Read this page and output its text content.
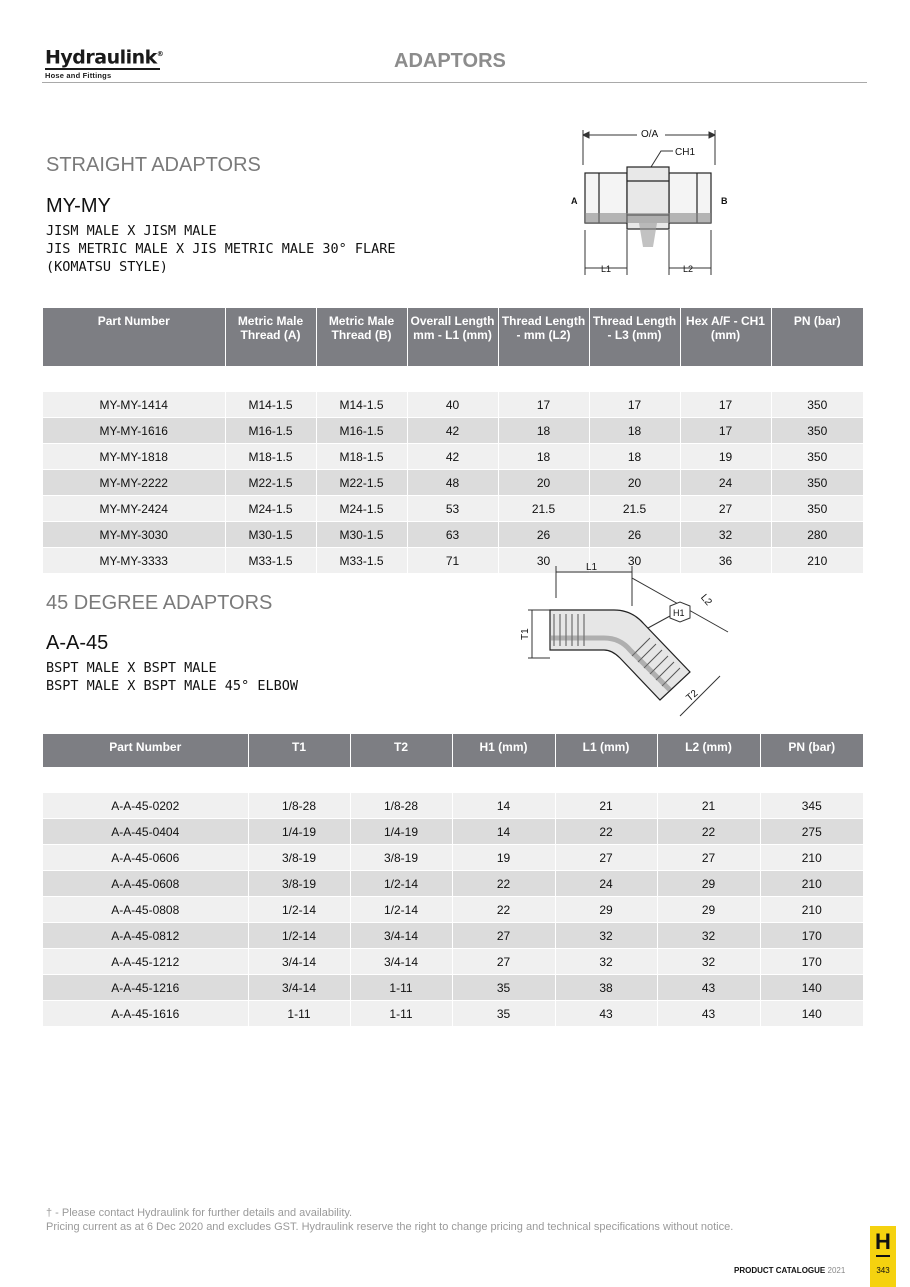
Hydraulink®
Hose and Fittings
ADAPTORS
STRAIGHT ADAPTORS
MY-MY
JISM MALE X JISM MALE
JIS METRIC MALE X JIS METRIC MALE 30° FLARE
(KOMATSU STYLE)
O/A
CH1
A	B
L1	L2
Part Number	Metric Male Thread (A)	Metric Male Thread (B)	Overall Length mm - L1 (mm)	Thread Length - mm (L2)	Thread Length - L3 (mm)	Hex A/F - CH1 (mm)	PN (bar)

MY-MY-1414	M14-1.5	M14-1.5	40	17	17	17	350
MY-MY-1616	M16-1.5	M16-1.5	42	18	18	17	350
MY-MY-1818	M18-1.5	M18-1.5	42	18	18	19	350
MY-MY-2222	M22-1.5	M22-1.5	48	20	20	24	350
MY-MY-2424	M24-1.5	M24-1.5	53	21.5	21.5	27	350
MY-MY-3030	M30-1.5	M30-1.5	63	26	26	32	280
MY-MY-3333	M33-1.5	M33-1.5	71	30	30	36	210
45 DEGREE ADAPTORS
A-A-45
BSPT MALE X BSPT MALE
BSPT MALE X BSPT MALE 45° ELBOW
L1
T1
L2
T2
H1
Part Number	T1	T2	H1 (mm)	L1 (mm)	L2 (mm)	PN (bar)

A-A-45-0202	1/8-28	1/8-28	14	21	21	345
A-A-45-0404	1/4-19	1/4-19	14	22	22	275
A-A-45-0606	3/8-19	3/8-19	19	27	27	210
A-A-45-0608	3/8-19	1/2-14	22	24	29	210
A-A-45-0808	1/2-14	1/2-14	22	29	29	210
A-A-45-0812	1/2-14	3/4-14	27	32	32	170
A-A-45-1212	3/4-14	3/4-14	27	32	32	170
A-A-45-1216	3/4-14	1-11	35	38	43	140
A-A-45-1616	1-11	1-11	35	43	43	140
† - Please contact Hydraulink for further details and availability.
Pricing current as at 6 Dec 2020 and excludes GST. Hydraulink reserve the right to change pricing and technical specifications without notice.
PRODUCT CATALOGUE 2021
H
343
